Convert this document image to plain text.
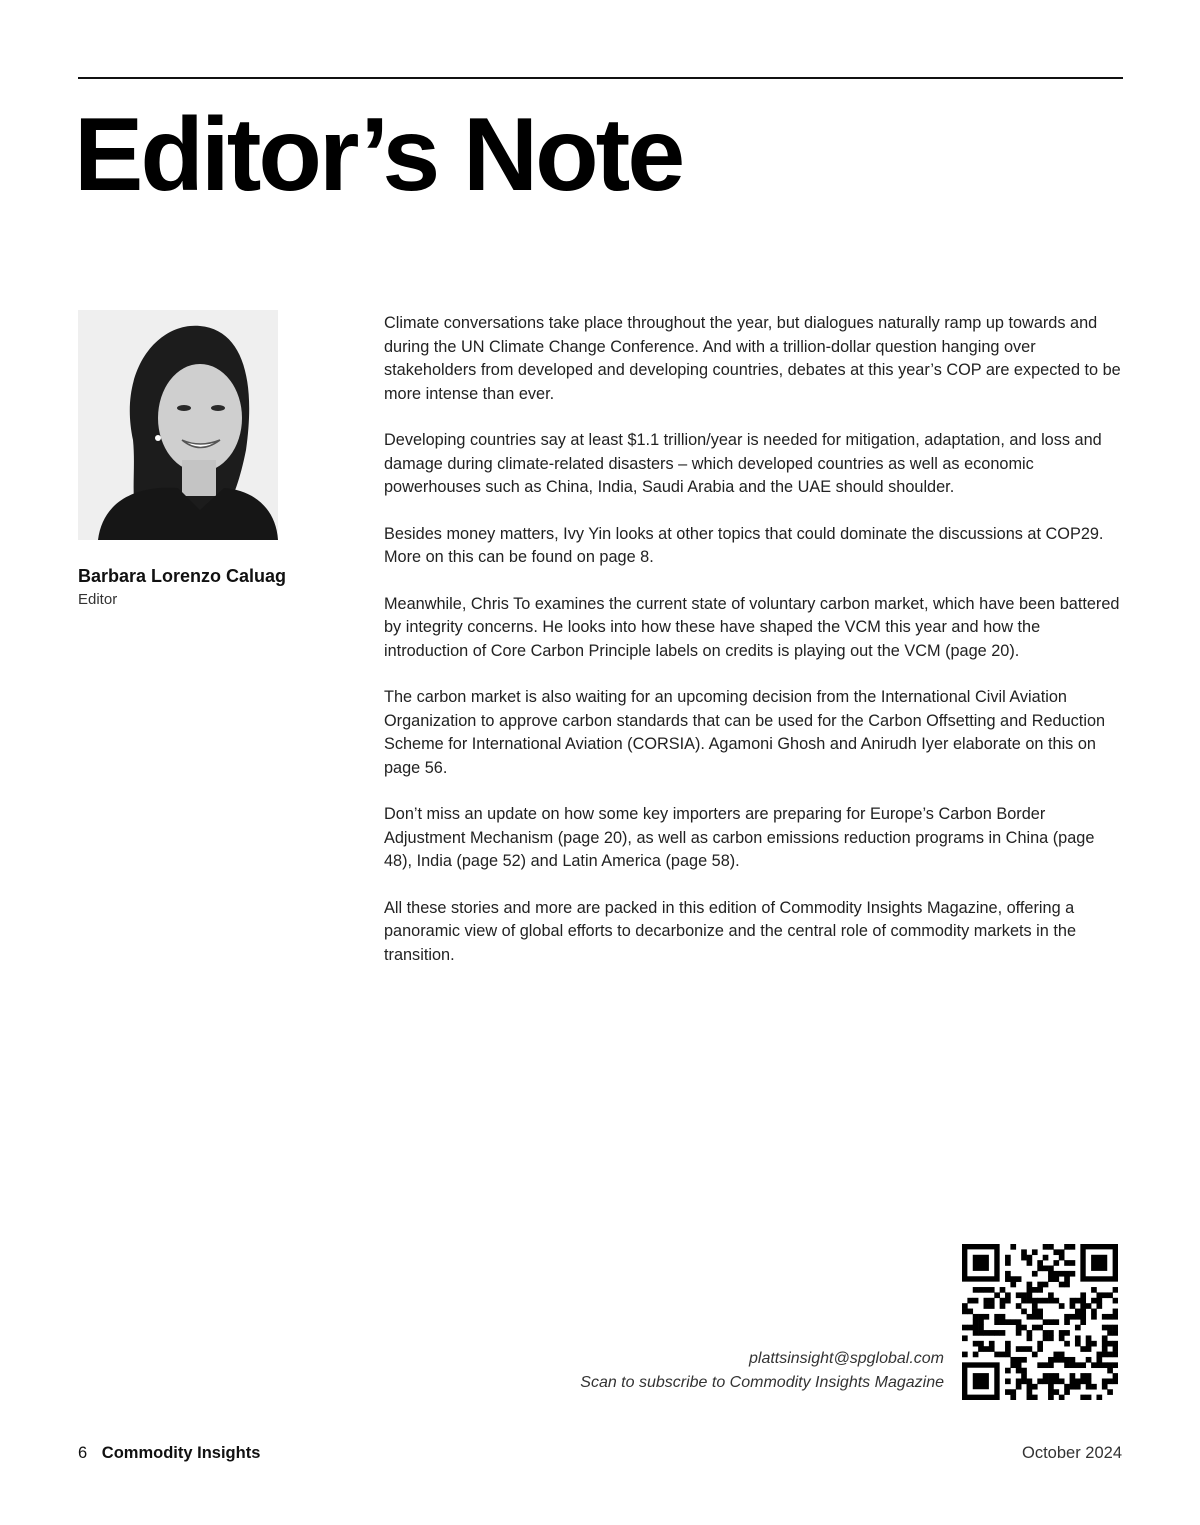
Editor’s Note
Barbara Lorenzo Caluag
Editor

Climate conversations take place throughout the year, but dialogues naturally ramp up towards and during the UN Climate Change Conference. And with a trillion-dollar question hanging over stakeholders from developed and developing countries, debates at this year’s COP are expected to be more intense than ever.

Developing countries say at least $1.1 trillion/year is needed for mitigation, adaptation, and loss and damage during climate-related disasters – which developed countries as well as economic powerhouses such as China, India, Saudi Arabia and the UAE should shoulder.

Besides money matters, Ivy Yin looks at other topics that could dominate the discussions at COP29. More on this can be found on page 8.

Meanwhile, Chris To examines the current state of voluntary carbon market, which have been battered by integrity concerns. He looks into how these have shaped the VCM this year and how the introduction of Core Carbon Principle labels on credits is playing out the VCM (page 20).

The carbon market is also waiting for an upcoming decision from the International Civil Aviation Organization to approve carbon standards that can be used for the Carbon Offsetting and Reduction Scheme for International Aviation (CORSIA). Agamoni Ghosh and Anirudh Iyer elaborate on this on page 56.

Don’t miss an update on how some key importers are preparing for Europe’s Carbon Border Adjustment Mechanism (page 20), as well as carbon emissions reduction programs in China (page 48), India (page 52) and Latin America (page 58).

All these stories and more are packed in this edition of Commodity Insights Magazine, offering a panoramic view of global efforts to decarbonize and the central role of commodity markets in the transition.

plattsinsight@spglobal.com
Scan to subscribe to Commodity Insights Magazine
6 Commodity Insights	October 2024
